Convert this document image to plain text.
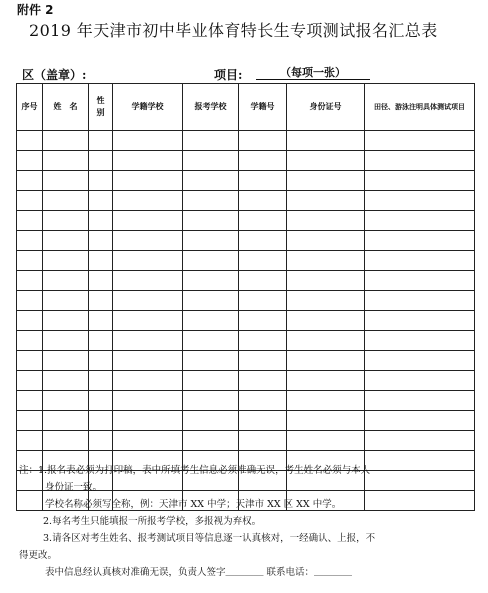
附件 2
2019 年天津市初中毕业体育特长生专项测试报名汇总表
区（盖章）:	项目:	（每项一张）
序号	姓　名	性别	学籍学校	报考学校	学籍号	身份证号	田径、游泳注明具体测试项目

注：1.报名表必须为打印稿，表中所填考生信息必须准确无误，考生姓名必须与本人

身份证一致。

学校名称必须写全称，例：天津市 XX 中学；天津市 XX 区 XX 中学。

2.每名考生只能填报一所报考学校，多报视为弃权。

3.请各区对考生姓名、报考测试项目等信息逐一认真核对，一经确认、上报，不

得更改。

表中信息经认真核对准确无误，负责人签字＿＿＿＿ 联系电话：＿＿＿＿
